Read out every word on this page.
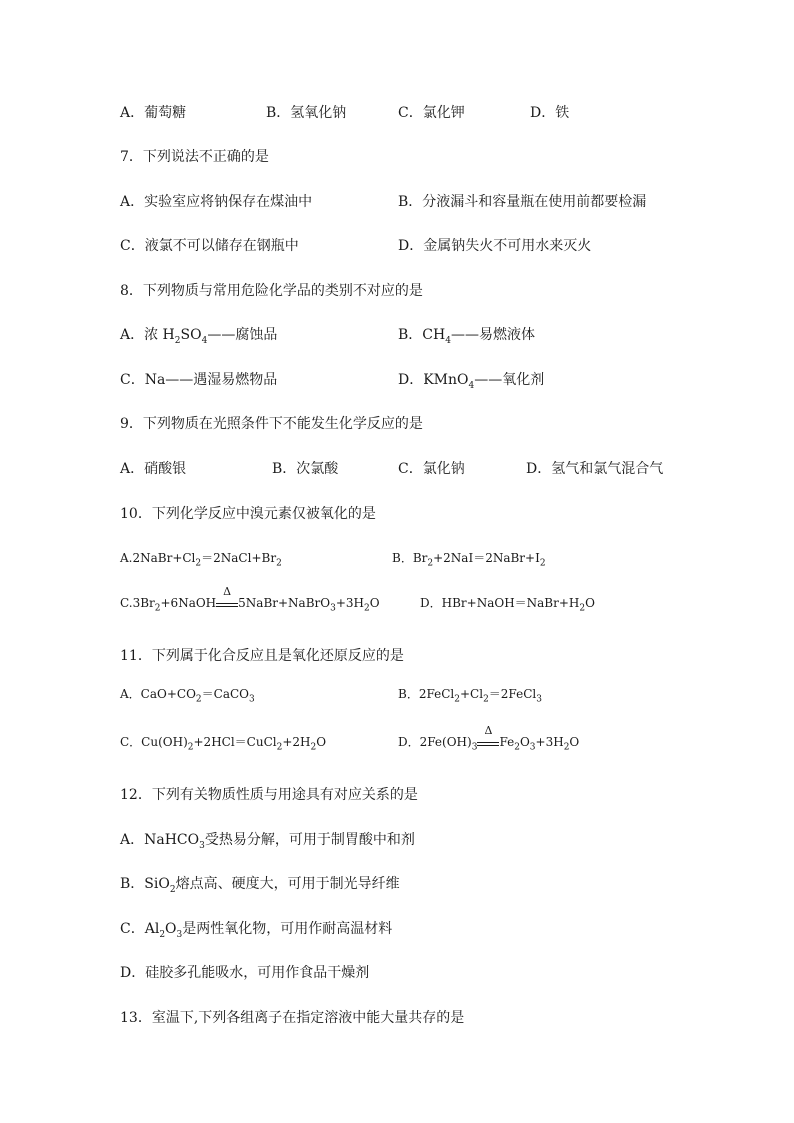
A．葡萄糖	B．氢氧化钠	C．氯化钾	D．铁
7．下列说法不正确的是
A．实验室应将钠保存在煤油中	B．分液漏斗和容量瓶在使用前都要检漏
C．液氯不可以储存在钢瓶中	D．金属钠失火不可用水来灭火
8．下列物质与常用危险化学品的类别不对应的是
A．浓 $H_2SO_4——$腐蚀品	B．$CH_4——$易燃液体
C．Na——遇湿易燃物品	D．KMnO$_4$——氧化剂
9．下列物质在光照条件下不能发生化学反应的是
A．硝酸银	B．次氯酸	C．氯化钠	D．氢气和氯气混合气
10．下列化学反应中溴元素仅被氧化的是
$A.2NaBr+Cl_2=2NaCl+Br_2$	B．$Br_2+2NaI=2NaBr+I_2$
$C.3Br_2+6NaOH$
Δ
$5NaBr+NaBrO_3+3H_2O$	D．$HBr+NaOH=NaBr+H_2O$
11．下列属于化合反应且是氧化还原反应的是
A．$CaO+CO_2=CaCO_3$	B．$2FeCl_2+Cl_2=2FeCl_3$
C．$Cu(OH)_2+2HCl=CuCl_2+2H_2O$	D．$2Fe(OH)_3$
Δ
$Fe_2O_3+3H_2O$
12．下列有关物质性质与用途具有对应关系的是
A．NaHCO$_3$受热易分解，可用于制胃酸中和剂
B．SiO$_2$熔点高、硬度大，可用于制光导纤维
C．$Al_2O_3$是两性氧化物，可用作耐高温材料
D．硅胶多孔能吸水，可用作食品干燥剂
13．室温下,下列各组离子在指定溶液中能大量共存的是
